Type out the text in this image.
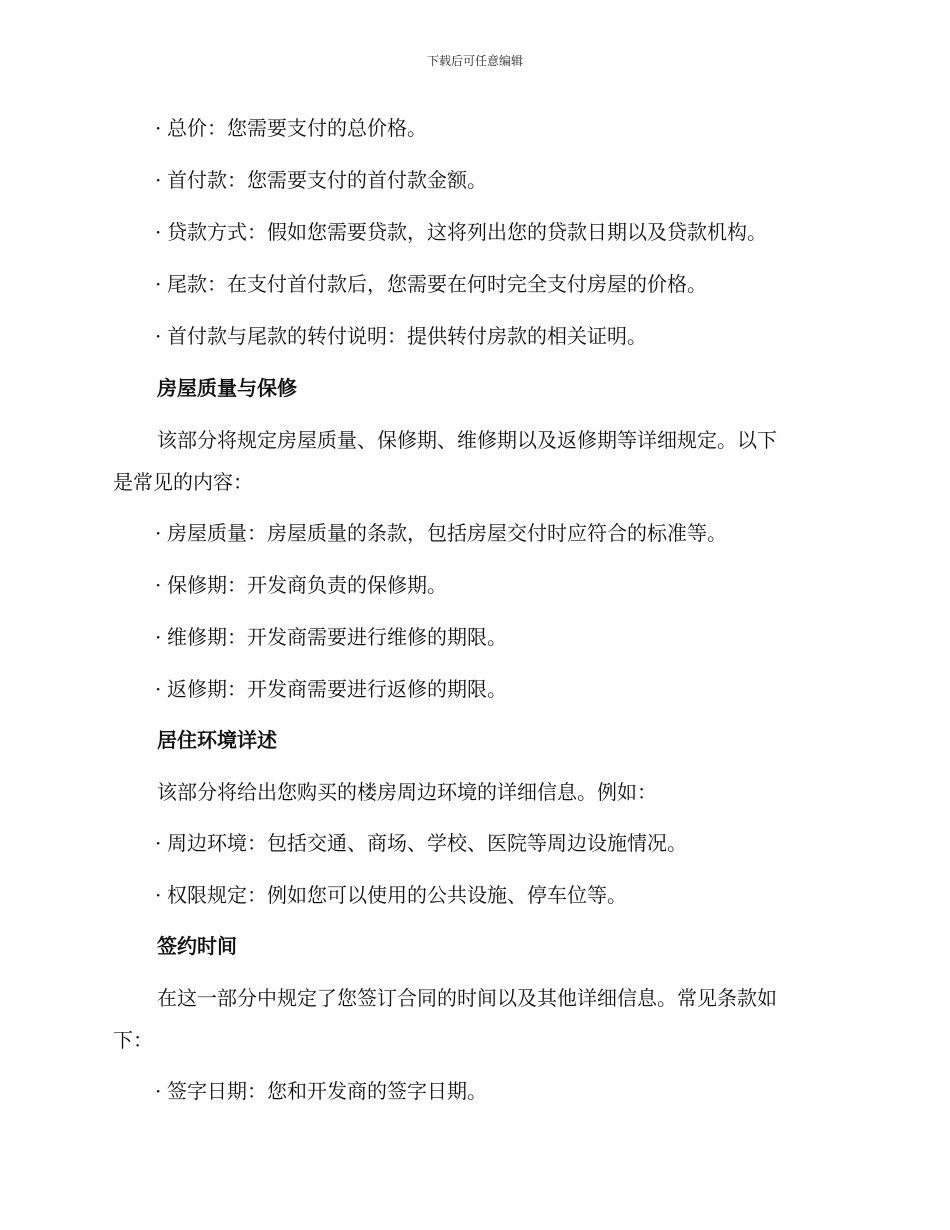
下载后可任意编辑
· 总价：您需要支付的总价格。
· 首付款：您需要支付的首付款金额。
· 贷款方式：假如您需要贷款，这将列出您的贷款日期以及贷款机构。
· 尾款：在支付首付款后，您需要在何时完全支付房屋的价格。
· 首付款与尾款的转付说明：提供转付房款的相关证明。
房屋质量与保修
该部分将规定房屋质量、保修期、维修期以及返修期等详细规定。以下
是常见的内容：
· 房屋质量：房屋质量的条款，包括房屋交付时应符合的标准等。
· 保修期：开发商负责的保修期。
· 维修期：开发商需要进行维修的期限。
· 返修期：开发商需要进行返修的期限。
居住环境详述
该部分将给出您购买的楼房周边环境的详细信息。例如：
· 周边环境：包括交通、商场、学校、医院等周边设施情况。
· 权限规定：例如您可以使用的公共设施、停车位等。
签约时间
在这一部分中规定了您签订合同的时间以及其他详细信息。常见条款如
下：
· 签字日期：您和开发商的签字日期。
